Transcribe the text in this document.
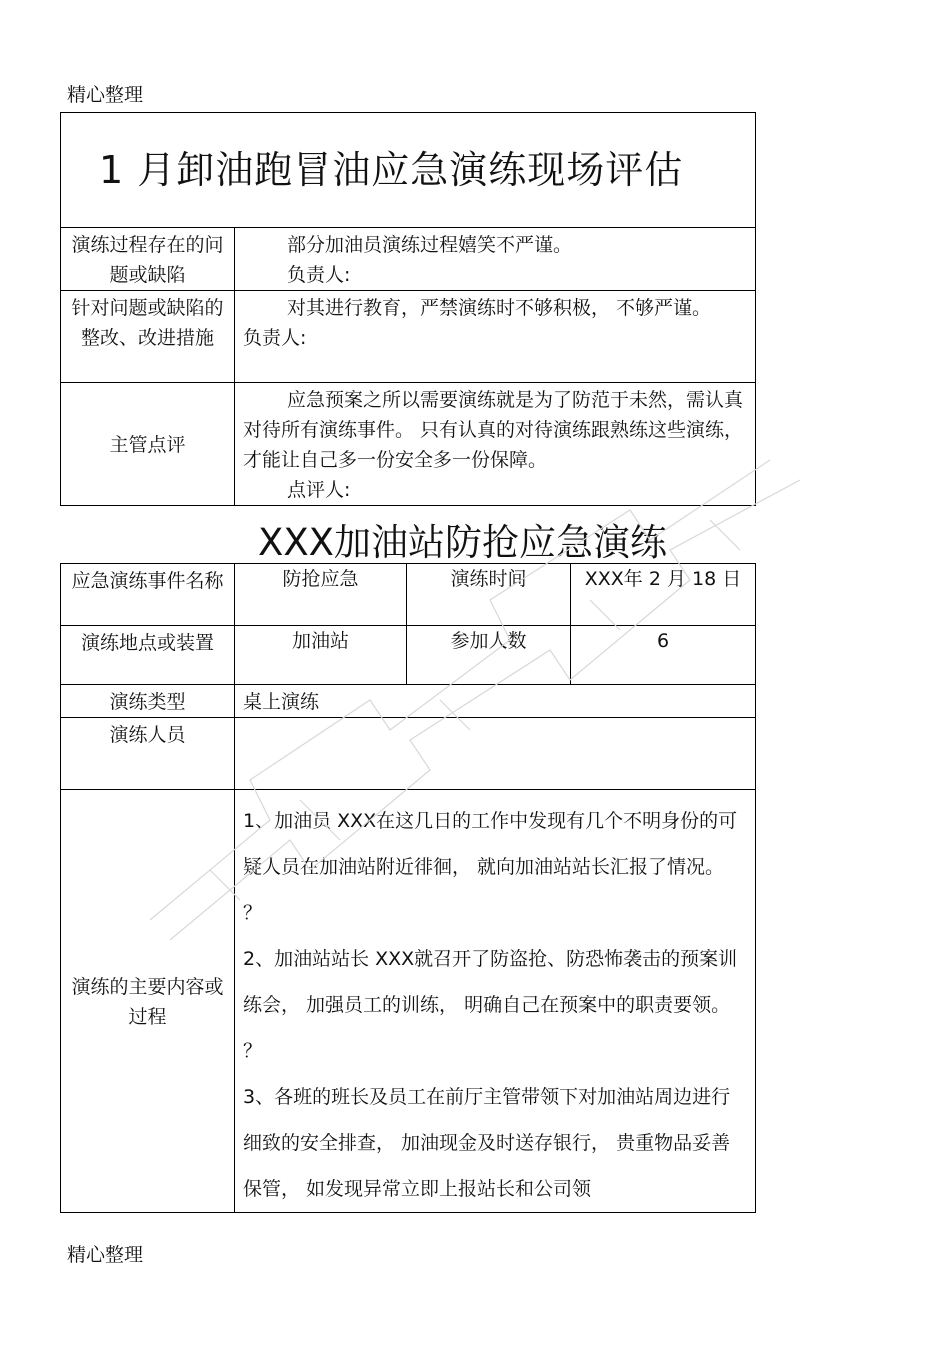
精心整理
1 月卸油跑冒油应急演练现场评估	
演练过程存在的问题或缺陷	部分加油员演练过程嬉笑不严谨。
负责人:

针对问题或缺陷的整改、改进措施	对其进行教育，严禁演练时不够积极， 不够严谨。
负责人:

主管点评	应急预案之所以需要演练就是为了防范于未然，需认真对待所有演练事件。 只有认真的对待演练跟熟练这些演练，才能让自己多一份安全多一份保障。
点评人:
XXX加油站防抢应急演练
应急演练事件名称	防抢应急	演练时间	XXX年 2 月 18 日
演练地点或装置	加油站	参加人数	6
演练类型	桌上演练		
演练人员			
演练的主要内容或过程	1、加油员 XXX在这几日的工作中发现有几个不明身份的可疑人员在加油站附近徘徊， 就向加油站站长汇报了情况。 ？

2、加油站站长 XXX就召开了防盗抢、防恐怖袭击的预案训练会， 加强员工的训练， 明确自己在预案中的职责要领。 ？

3、各班的班长及员工在前厅主管带领下对加油站周边进行细致的安全排查， 加油现金及时送存银行， 贵重物品妥善保管， 如发现异常立即上报站长和公司领		

精心整理
